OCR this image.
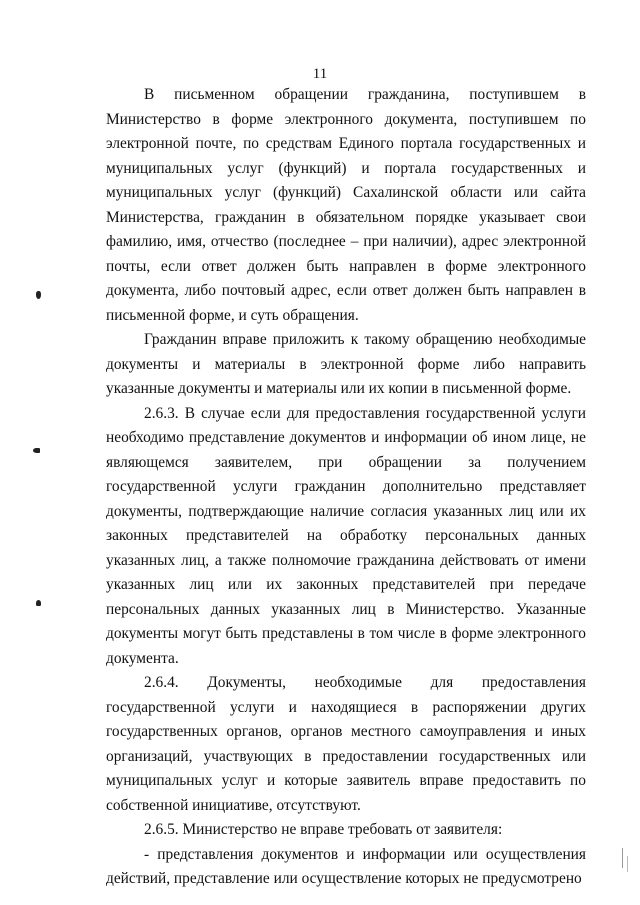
11

В письменном обращении гражданина, поступившем в Министерство в форме электронного документа, поступившем по электронной почте, по средствам Единого портала государственных и муниципальных услуг (функций) и портала государственных и муниципальных услуг (функций) Сахалинской области или сайта Министерства, гражданин в обязательном порядке указывает свои фамилию, имя, отчество (последнее – при наличии), адрес электронной почты, если ответ должен быть направлен в форме электронного документа, либо почтовый адрес, если ответ должен быть направлен в письменной форме, и суть обращения.

Гражданин вправе приложить к такому обращению необходимые документы и материалы в электронной форме либо направить указанные документы и материалы или их копии в письменной форме.

2.6.3. В случае если для предоставления государственной услуги необходимо представление документов и информации об ином лице, не являющемся заявителем, при обращении за получением государственной услуги гражданин дополнительно представляет документы, подтверждающие наличие согласия указанных лиц или их законных представителей на обработку персональных данных указанных лиц, а также полномочие гражданина действовать от имени указанных лиц или их законных представителей при передаче персональных данных указанных лиц в Министерство. Указанные документы могут быть представлены в том числе в форме электронного документа.

2.6.4. Документы, необходимые для предоставления государственной услуги и находящиеся в распоряжении других государственных органов, органов местного самоуправления и иных организаций, участвующих в предоставлении государственных или муниципальных услуг и которые заявитель вправе предоставить по собственной инициативе, отсутствуют.

2.6.5. Министерство не вправе требовать от заявителя:

- представления документов и информации или осуществления действий, представление или осуществление которых не предусмотрено
